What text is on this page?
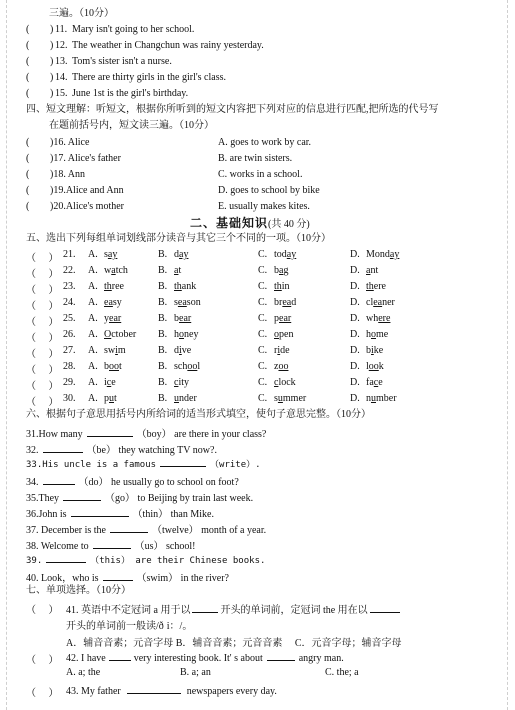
三遍。（10分）
( ) 11. Mary isn't going to her school.
( ) 12. The weather in Changchun was rainy yesterday.
( ) 13. Tom's sister isn't a nurse.
( ) 14. There are thirty girls in the girl's class.
( ) 15. June 1st is the girl's birthday.
四、短文理解：听短文，根据你所听到的短文内容把下列对应的信息进行匹配,把所选的代号写
在题前括号内，短文读三遍。（10分）
( )16. Alice	A. goes to work by car.
( )17. Alice's father	B. are twin sisters.
( )18. Ann	C. works in a school.
( )19.Alice and Ann	D. goes to school by bike
( )20.Alice's mother	E. usually makes kites.
二、基础知识(共 40 分)
五、选出下列每组单词划线部分读音与其它三个不同的一项。（10分）
（　 ） 21. A. say	B. day	C. today	D. Monday
（　 ） 22. A. watch	B. at	C. bag	D. ant
（　 ） 23. A. three	B. thank	C. thin	D. there
（　 ） 24. A. easy	B. season	C. bread	D. cleaner
（　 ） 25. A. year	B. bear	C. pear	D. where
（　 ） 26. A. October B. honey	C. open	D. home
（　 ） 27. A. swim	B. dive	C. ride	D. bike
（　 ） 28. A. boot	B. school	C. zoo	D. look
（　 ） 29. A. ice	B. city	C. clock	D. face
（　 ） 30. A. put	B. under	C. summer	D. number
六、根据句子意思用括号内所给词的适当形式填空，使句子意思完整。（10分）
31.How many	（boy） are there in your class?
32.	（be） they watching TV now?.
33.His uncle is a famous	（write）.
34.	（do） he usually go to school on foot?
35.They	（go） to Beijing by train last week.
36.John is	（thin） than Mike.
37. December is the	（twelve） month of a year.
38. Welcome to	（us） school!
39.	（this） are their Chinese books.
40. Look，who is	（swim） in the river?
七、单项选择。（10分）
（　 ） 41. 英语中不定冠词 a 用于以	开头的单词前，定冠词 the 用在以
开头的单词前一般读/ð i：/。
A．辅音音素；元音字母 B．辅音音素；元音音素　 C．元音字母；辅音字母
（　 ） 42. I have	very interesting book. It' s about	angry man.
A. a; the	B. a; an	C. the; a
（　 ） 43. My father	newspapers every day.
